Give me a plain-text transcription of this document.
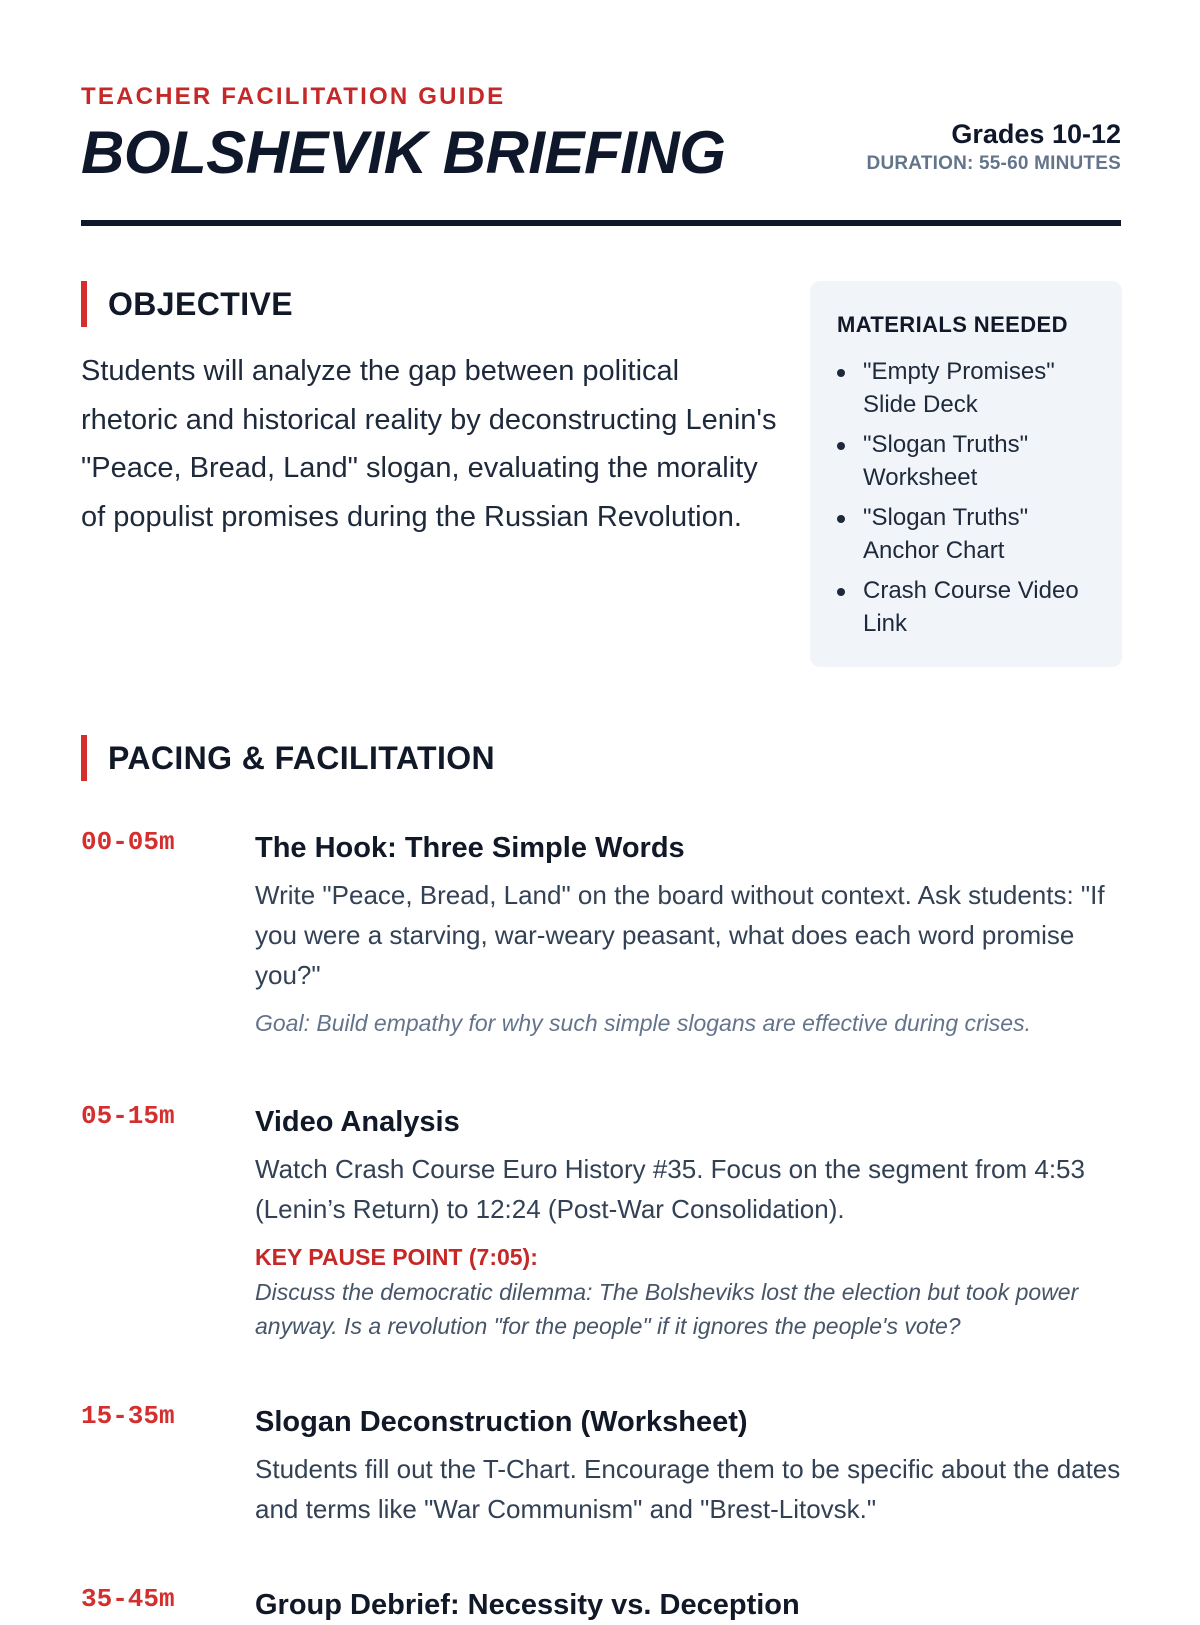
TEACHER FACILITATION GUIDE
BOLSHEVIK BRIEFING	Grades 10-12
DURATION: 55-60 MINUTES
OBJECTIVE
Students will analyze the gap between political rhetoric and historical reality by deconstructing Lenin's "Peace, Bread, Land" slogan, evaluating the morality of populist promises during the Russian Revolution.
MATERIALS NEEDED
"Empty Promises" Slide Deck
"Slogan Truths" Worksheet
"Slogan Truths" Anchor Chart
Crash Course Video Link
PACING & FACILITATION
00-05m	The Hook: Three Simple Words
Write "Peace, Bread, Land" on the board without context. Ask students: "If you were a starving, war-weary peasant, what does each word promise you?"
Goal: Build empathy for why such simple slogans are effective during crises.
05-15m	Video Analysis
Watch Crash Course Euro History #35. Focus on the segment from 4:53 (Lenin’s Return) to 12:24 (Post-War Consolidation).
KEY PAUSE POINT (7:05):
Discuss the democratic dilemma: The Bolsheviks lost the election but took power anyway. Is a revolution "for the people" if it ignores the people's vote?
15-35m	Slogan Deconstruction (Worksheet)
Students fill out the T-Chart. Encourage them to be specific about the dates and terms like "War Communism" and "Brest-Litovsk."
35-45m	Group Debrief: Necessity vs. Deception
